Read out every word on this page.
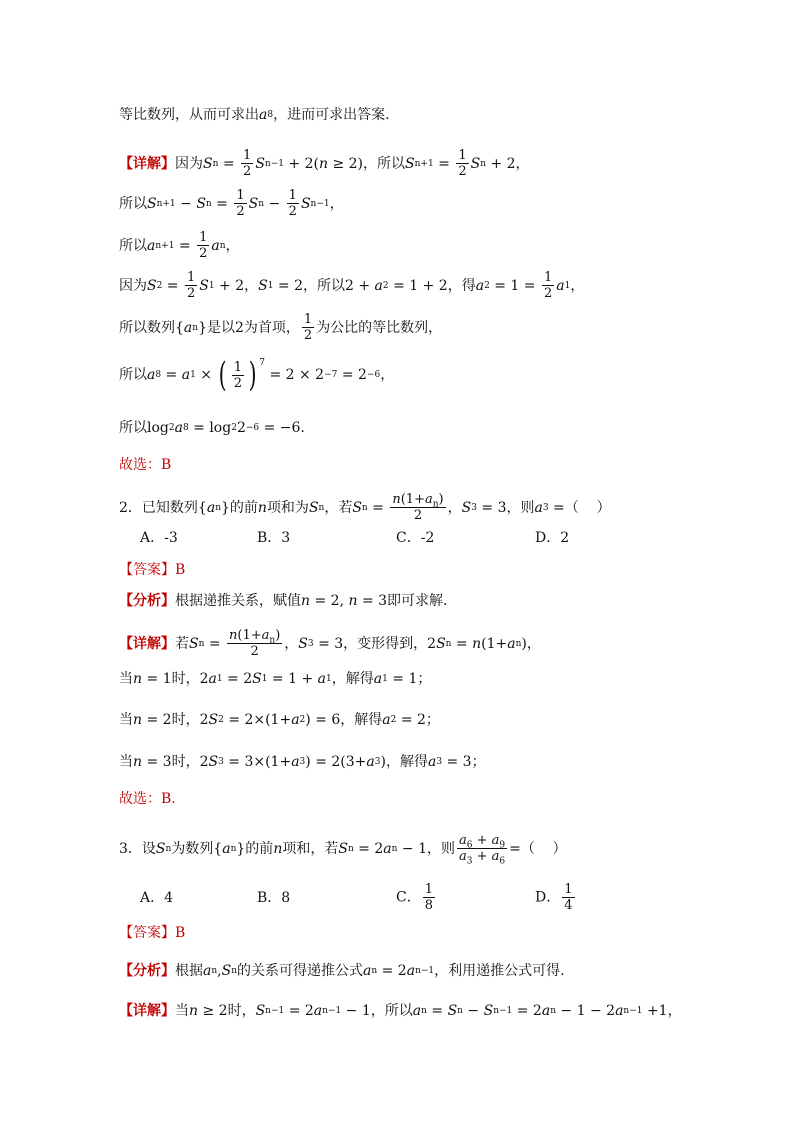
等比数列，从而可求出 a 8 ，进而可求出答案.
【详解】 因为 S $n = \frac{1}{2}$ S n−1 + 2( n ≥ 2)，所以 S $n+1 = \frac{1}{2}$ S n + 2，
所以 S n+1 − S $n = \frac{1}{2}$ S $n - \frac{1}{2}$ S n−1 ，
所以 a $n+1 = \frac{1}{2}$ a n ，
因为 S $2 = \frac{1}{2}$ S 1 + 2， S 1 = 2，所以2 + a 2 = 1 + 2，得 a $2 = 1 = \frac{1}{2}$ a 1 ，
所以数列{ a n }是以2为首项， $\frac{1}{2}$ 为公比的等比数列，
所以 a 8 = a 1 × ( $\frac{1}{2}$ ) $^7$
= 2 × 2 −7 = 2 −6 ，
所以log 2 a 8 = log 2 2 −6 = −6.
故选：B
2．已知数列{ a n }的前 n 项和为 S n ，若 S $n = \frac{n(1+a_n)}{2}$ ， S 3 = 3，则 a 3 =（    ）
A．-3	B．3	C．-2	D．2
【答案】B
【分析】 根据递推关系，赋值 n = 2, n = 3即可求解.
【详解】 若 S $n = \frac{n(1+a_n)}{2}$ ， S 3 = 3，变形得到，2 S n = n (1+ a n )，
当 n = 1时，2 a 1 = 2 S 1 = 1 + a 1 ，解得 a 1 = 1；
当 n = 2时，2 S 2 = 2×(1+ a 2 ) = 6，解得 a 2 = 2；
当 n = 3时，2 S 3 = 3×(1+ a 3 ) = 2(3+ a 3 )，解得 a 3 = 3；
故选：B.
3．设 S n 为数列{ a n }的前 n 项和，若 S n = 2 a n − 1，则 $\frac{a_6 + a_9}{a_3 + a_6}$ =（    ）
A．4	B．8	C． $\frac{1}{8}$	D． $\frac{1}{4}$
【答案】B
【分析】 根据 a n , S n 的关系可得递推公式 a n = 2 a n−1 ，利用递推公式可得.
【详解】 当 n ≥ 2时， S n−1 = 2 a n−1 − 1，所以 a n = S n − S n−1 = 2 a n − 1 − 2 a n−1 +1，
